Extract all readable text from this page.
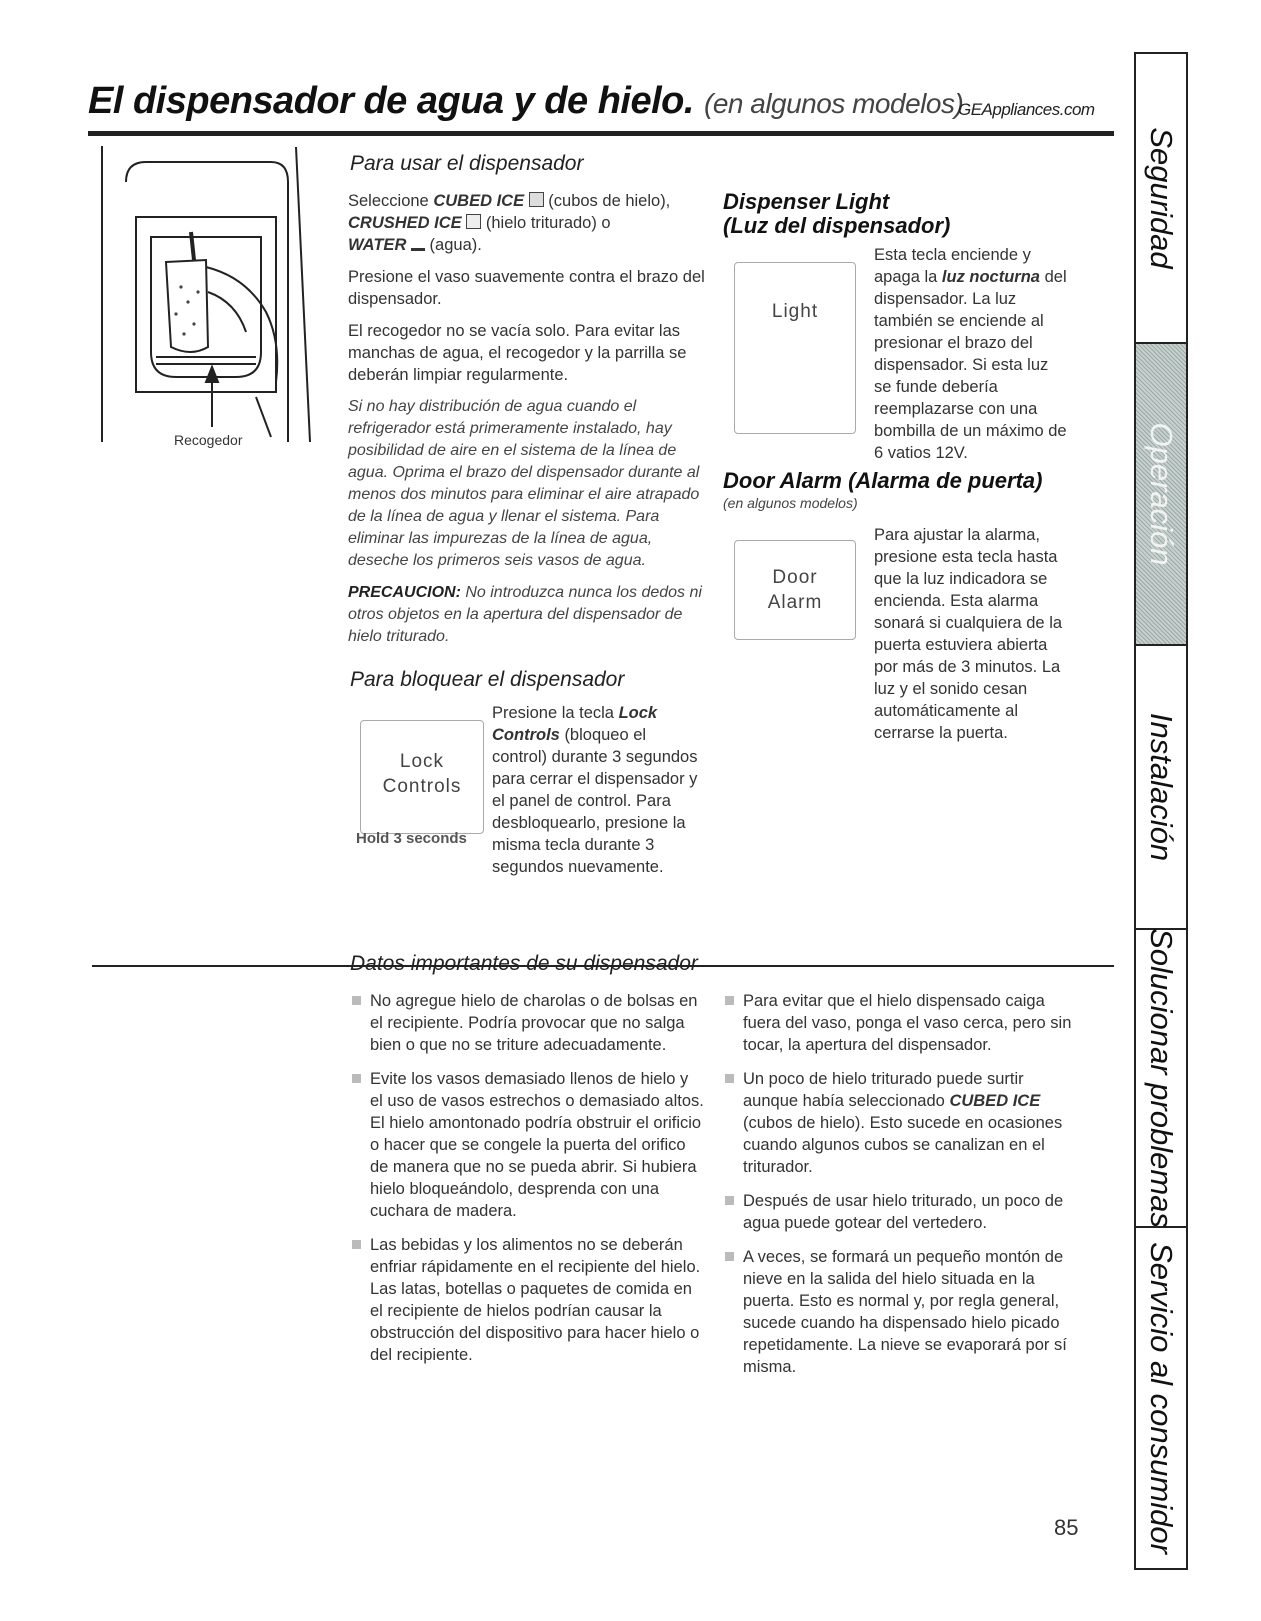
El dispensador de agua y de hielo. (en algunos modelos)
GEAppliances.com
Recogedor
Para usar el dispensador

Seleccione CUBED ICE (cubos de hielo), CRUSHED ICE (hielo triturado) o
WATER (agua).

Presione el vaso suavemente contra el brazo del dispensador.

El recogedor no se vacía solo. Para evitar las manchas de agua, el recogedor y la parrilla se deberán limpiar regularmente.

Si no hay distribución de agua cuando el refrigerador está primeramente instalado, hay posibilidad de aire en el sistema de la línea de agua. Oprima el brazo del dispensador durante al menos dos minutos para eliminar el aire atrapado de la línea de agua y llenar el sistema. Para eliminar las impurezas de la línea de agua, deseche los primeros seis vasos de agua.

PRECAUCION: No introduzca nunca los dedos ni otros objetos en la apertura del dispensador de hielo triturado.

Para bloquear el dispensador
Lock
Controls
Hold 3 seconds

Presione la tecla Lock Controls (bloqueo el control) durante 3 segundos para cerrar el dispensador y el panel de control. Para desbloquearlo, presione la misma tecla durante 3 segundos nuevamente.

Dispenser Light
(Luz del dispensador)
Light

Esta tecla enciende y apaga la luz nocturna del dispensador. La luz también se enciende al presionar el brazo del dispensador. Si esta luz se funde debería reemplazarse con una bombilla de un máximo de 6 vatios 12V.

Door Alarm (Alarma de puerta)
(en algunos modelos)
Door
Alarm

Para ajustar la alarma, presione esta tecla hasta que la luz indicadora se encienda. Esta alarma sonará si cualquiera de la puerta estuviera abierta por más de 3 minutos. La luz y el sonido cesan automáticamente al cerrarse la puerta.

Datos importantes de su dispensador

No agregue hielo de charolas o de bolsas en el recipiente. Podría provocar que no salga bien o que no se triture adecuadamente.

Evite los vasos demasiado llenos de hielo y el uso de vasos estrechos o demasiado altos. El hielo amontonado podría obstruir el orificio o hacer que se congele la puerta del orifico de manera que no se pueda abrir. Si hubiera hielo bloqueándolo, desprenda con una cuchara de madera.

Las bebidas y los alimentos no se deberán enfriar rápidamente en el recipiente del hielo. Las latas, botellas o paquetes de comida en el recipiente de hielos podrían causar la obstrucción del dispositivo para hacer hielo o del recipiente.

Para evitar que el hielo dispensado caiga fuera del vaso, ponga el vaso cerca, pero sin tocar, la apertura del dispensador.

Un poco de hielo triturado puede surtir aunque había seleccionado CUBED ICE (cubos de hielo). Esto sucede en ocasiones cuando algunos cubos se canalizan en el triturador.

Después de usar hielo triturado, un poco de agua puede gotear del vertedero.

A veces, se formará un pequeño montón de nieve en la salida del hielo situada en la puerta. Esto es normal y, por regla general, sucede cuando ha dispensado hielo picado repetidamente. La nieve se evaporará por sí misma.

85
Seguridad
Operación
Instalación
Solucionar problemas
Servicio al consumidor
